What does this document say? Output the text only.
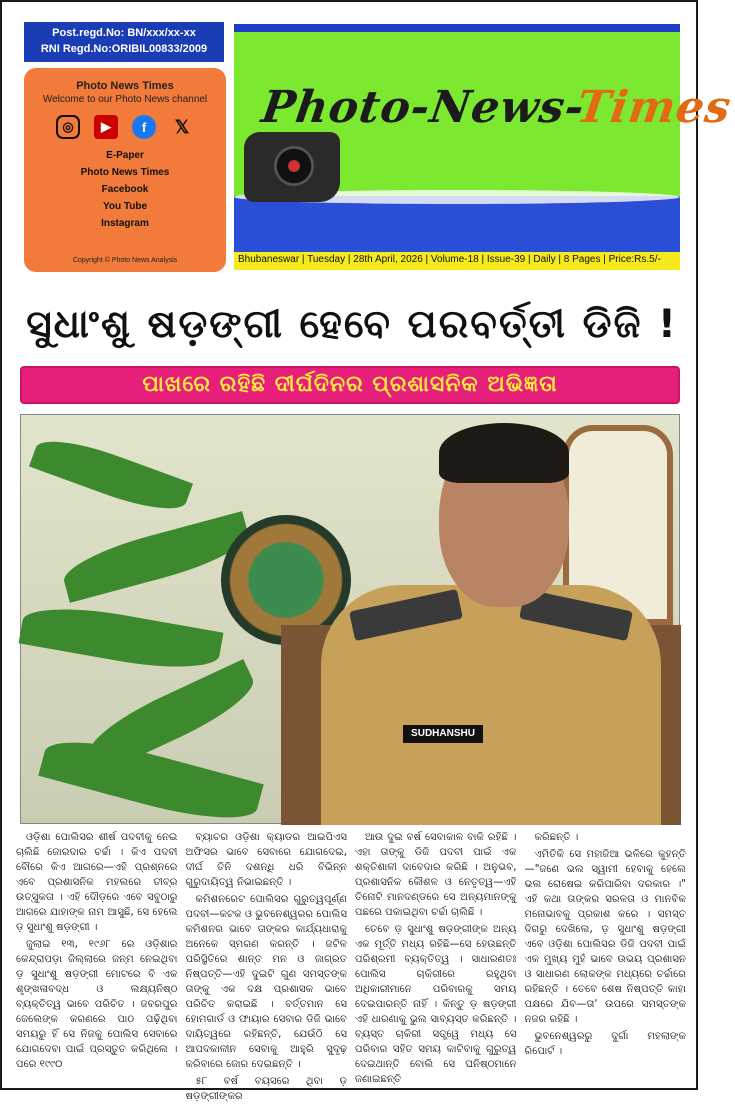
Post.regd.No: BN/xxx/xx-xx
RNI Regd.No:ORIBIL00833/2009
Photo News Times
Welcome to our Photo News channel
◎	▶	f	𝕏
E-Paper
Photo News Times
Facebook
You Tube
Instagram
Copyright © Photo News Analysis
Photo-News-Times
Bhubaneswar | Tuesday | 28th April, 2026 | Volume-18 | Issue-39 | Daily | 8 Pages | Price:Rs.5/-
ସୁଧାଂଶୁ ଷଡ଼ଙ୍ଗୀ ହେବେ ପରବର୍ତ୍ତୀ ଡିଜି !
ପାଖରେ ରହିଛି ଦୀର୍ଘଦିନର ପ୍ରଶାସନିକ ଅଭିଜ୍ଞତା
SUDHANSHU

ଓଡ଼ିଶା ପୋଲିସର ଶୀର୍ଷ ପଦବୀକୁ ନେଇ ଚାଲିଛି ଜୋରଦାର ଚର୍ଚ୍ଚା । କିଏ ପଦବୀ ବୌରେ କିଏ ଆଗରେ—ଏହି ପ୍ରଶ୍ନରେ ଏବେ ପ୍ରଶାସନିକ ମହଲରେ ତୀବ୍ର ଉତ୍ସୁକତା । ଏହି ଦୌଡ଼ରେ ଏବେ ସବୁଠାରୁ ଆଗରେ ଯାହାଙ୍କ ନାମ ଆସୁଛି, ସେ ହେଲେ ଡ଼ ସୁଧାଂଶୁ ଷଡ଼ଙ୍ଗୀ ।

ଜୁଲାଇ ୧୩, ୧୯୬୮ ରେ ଓଡ଼ିଶାର କେନ୍ଦ୍ରାପଡ଼ା ଜିଲ୍ଲାରେ ଜନ୍ମ ନେଇଥିବା ଡ଼ ସୁଧାଂଶୁ ଷଡ଼ଙ୍ଗୀ ମୋଟରେ ବି ଏକ ଶୃଙ୍ଖଳାବଦ୍ଧ ଓ ଲକ୍ଷ୍ୟନିଷ୍ଠ ବ୍ୟକ୍ତିତ୍ୱ ଭାବେ ପରିଚିତ । ଜବରପୁର ଜେଲେଙ୍କ କରଣରେ ପାଠ ପଢ଼ିଥିବା ସମୟରୁ ହିଁ ସେ ନିଜକୁ ପୋଲିସ ସେବାରେ ଯୋଗଦେବା ପାଇଁ ପ୍ରସ୍ତୁତ କରିଥିଲେ । ପରେ ୧୯୯୦

ବ୍ୟାଚର ଓଡ଼ିଶା କ୍ୟାଡର ଆଇପିଏସ ଅଫିସର ଭାବେ ସେବାରେ ଯୋଗଦେଇ, ଦୀର୍ଘ ତିନି ଦଶନ୍ଧି ଧରି ବିଭିନ୍ନ ଗୁରୁଦାୟିତ୍ୱ ନିଭାଇଛନ୍ତି ।

କମିଶନରେଟ ପୋଲିସର ଗୁରୁତ୍ୱପୂର୍ଣ୍ଣ ପଦବୀ—କଟକ ଓ ଭୁବନେଶ୍ୱରର ପୋଲିସ କମିଶନର ଭାବେ ତାଙ୍କର କାର୍ଯ୍ୟଧାରାକୁ ଅନେକେ ସ୍ମରଣ କରନ୍ତି । ଜଟିଳ ପରିସ୍ଥିତିରେ ଶାନ୍ତ ମନ ଓ ଜାଗ୍ରତ ନିଷ୍ପତ୍ତି—ଏହି ଦୁଇଟି ଗୁଣ ସମସ୍ତଙ୍କ ତାଙ୍କୁ ଏକ ଦକ୍ଷ ପ୍ରଶାସକ ଭାବେ ପରିଚିତ କରାଇଛି । ବର୍ତ୍ତମାନ ସେ ହୋମଗାର୍ଡ ଓ ଫାୟାର ସେବାର ଡିଜି ଭାବେ ଦାୟିତ୍ୱରେ ରହିଛନ୍ତି, ଯେଉଁଠି ସେ ଆପଦକାଳୀନ ସେବାକୁ ଆହୁରି ସୁଦୃଢ଼ କରିବାରେ ଜୋର ଦେଇଛନ୍ତି ।

୫୮ ବର୍ଷ ବୟସରେ ଥିବା ଡ଼ ଷଡ଼ଙ୍ଗୀଙ୍କର

ଆଉ ଦୁଇ ବର୍ଷ ସେବାକାଳ ବାକି ରହିଛି । ଏହା ତାଙ୍କୁ ଡିଜି ପଦବୀ ପାଇଁ ଏକ ଶକ୍ତିଶାଳୀ ଦାବେଦାର କରିଛି । ଅନୁଭବ, ପ୍ରଶାସନିକ କୌଶଳ ଓ ନେତୃତ୍ୱ—ଏହି ତିନୋଟି ମାନଦଣ୍ଡରେ ସେ ଅନ୍ୟମାନଙ୍କୁ ପଛରେ ପକାଇଥିବା ଚର୍ଚ୍ଚା ଚାଲିଛି ।

ତେବେ ଡ଼ ସୁଧାଂଶୁ ଷଡ଼ଙ୍ଗୀଙ୍କ ଅନ୍ୟ ଏକ ମୂର୍ତ୍ତି ମଧ୍ୟ ରହିଛି—ସେ ହେଉଛନ୍ତି ପରିଶ୍ରମୀ ବ୍ୟକ୍ତିତ୍ୱ । ସାଧାରଣତଃ ପୋଲିସ ଚାକିରୀରେ ରହୁଥିବା ଅଧିକାରୀମାନେ ପରିବାରକୁ ସମୟ ଦେଇପାରନ୍ତି ନାହିଁ । କିନ୍ତୁ ଡ଼ ଷଡ଼ଙ୍ଗୀ ଏହି ଧାରଣାକୁ ଭୁଲ ସାବ୍ୟସ୍ତ କରିଛନ୍ତି । ବ୍ୟସ୍ତ ଚାକିରୀ ସତ୍ତ୍ୱେ ମଧ୍ୟ ସେ ପରିବାର ସହିତ ସମୟ କାଟିବାକୁ ଗୁରୁତ୍ୱ ଦେଇଥାନ୍ତି ବୋଲି ସେ ଘନିଷ୍ଠମାନେ ଜଣାଇଛନ୍ତି

କରିଛନ୍ତି ।

ଏମିତିକି ସେ ମହାଜିଆ ଭଳିରେ କୁହନ୍ତି—"ଜଣେ ଭଲ ସ୍ୱାମୀ ହେବାକୁ ହେଲେ ଭଲ ରୋଷେଇ କରିପାରିବା ଦରକାର ।" ଏହି କଥା ତାଙ୍କର ସରଳତା ଓ ମାନବିକ ମନୋଭାବକୁ ପ୍ରକାଶ କରେ । ସମସ୍ତ ଦିଗରୁ ଦେଖିଲେ, ଡ଼ ସୁଧାଂଶୁ ଷଡ଼ଙ୍ଗୀ ଏବେ ଓଡ଼ିଶା ପୋଲିସର ଡିଜି ପଦବୀ ପାଇଁ ଏକ ମୁଖ୍ୟ ମୁହଁ ଭାବେ ଉଭୟ ପ୍ରଶାସନ ଓ ସାଧାରଣ ଲୋକଙ୍କ ମଧ୍ୟରେ ଚର୍ଚ୍ଚାରେ ରହିଛନ୍ତି । ତେବେ ଶେଷ ନିଷ୍ପତ୍ତି କାହା ପକ୍ଷରେ ଯିବ—ତା' ଉପରେ ସମସ୍ତଙ୍କ ନଜର ରହିଛି ।

ଭୁବନେଶ୍ୱରରୁ ଦୁର୍ଗା ମହଲାଙ୍କ ରିପୋର୍ଟ ।
